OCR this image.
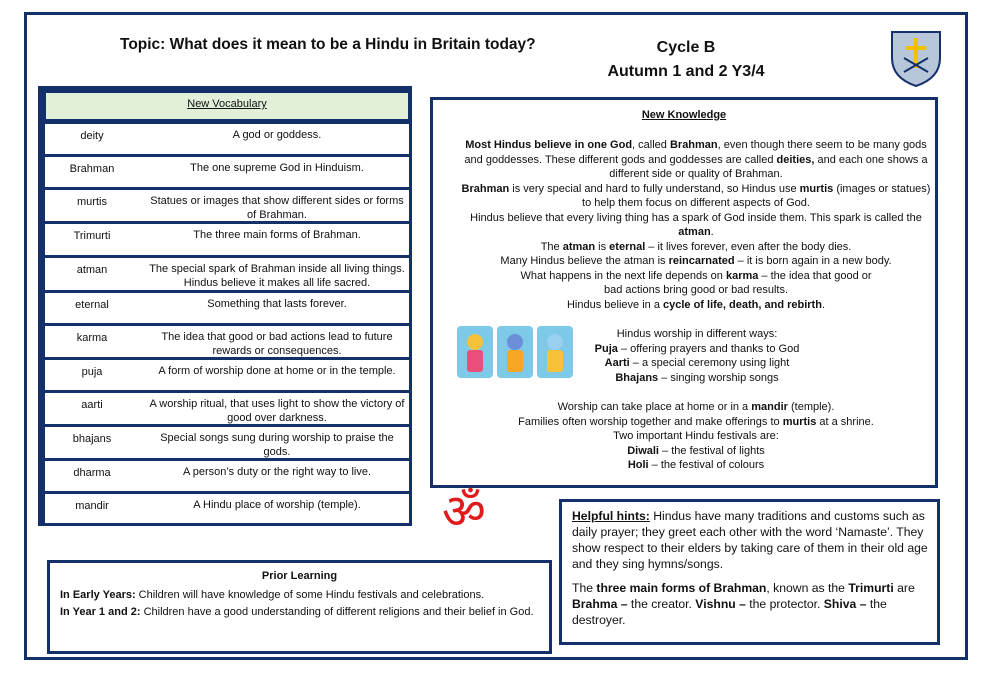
Topic: What does it mean to be a Hindu in Britain today?	Cycle B
Autumn 1 and 2 Y3/4
New Vocabulary
deity	A god or goddess.
Brahman	The one supreme God in Hinduism.
murtis	Statues or images that show different sides or forms of Brahman.
Trimurti	The three main forms of Brahman.
atman	The special spark of Brahman inside all living things. Hindus believe it makes all life sacred.
eternal	Something that lasts forever.
karma	The idea that good or bad actions lead to future rewards or consequences.
puja	A form of worship done at home or in the temple.
aarti	A worship ritual, that uses light to show the victory of good over darkness.
bhajans	Special songs sung during worship to praise the gods.
dharma	A person’s duty or the right way to live.
mandir	A Hindu place of worship (temple).
New Knowledge

Most Hindus believe in one God, called Brahman, even though there seem to be many gods and goddesses. These different gods and goddesses are called deities, and each one shows a different side or quality of Brahman.

Brahman is very special and hard to fully understand, so Hindus use murtis (images or statues) to help them focus on different aspects of God.

Hindus believe that every living thing has a spark of God inside them. This spark is called the atman.

The atman is eternal – it lives forever, even after the body dies.

Many Hindus believe the atman is reincarnated – it is born again in a new body.

What happens in the next life depends on karma – the idea that good or bad actions bring good or bad results.

Hindus believe in a cycle of life, death, and rebirth.

Hindus worship in different ways:

Puja – offering prayers and thanks to God

Aarti – a special ceremony using light

Bhajans – singing worship songs

Worship can take place at home or in a mandir (temple).

Families often worship together and make offerings to murtis at a shrine.

Two important Hindu festivals are:

Diwali – the festival of lights

Holi – the festival of colours

ॐ	Helpful hints: Hindus have many traditions and customs such as daily prayer; they greet each other with the word ‘Namaste’. They show respect to their elders by taking care of them in their old age and they sing hymns/songs.

The three main forms of Brahman, known as the Trimurti are Brahma – the creator. Vishnu – the protector. Shiva – the destroyer.

Prior Learning

In Early Years: Children will have knowledge of some Hindu festivals and celebrations.

In Year 1 and 2: Children have a good understanding of different religions and their belief in God.
